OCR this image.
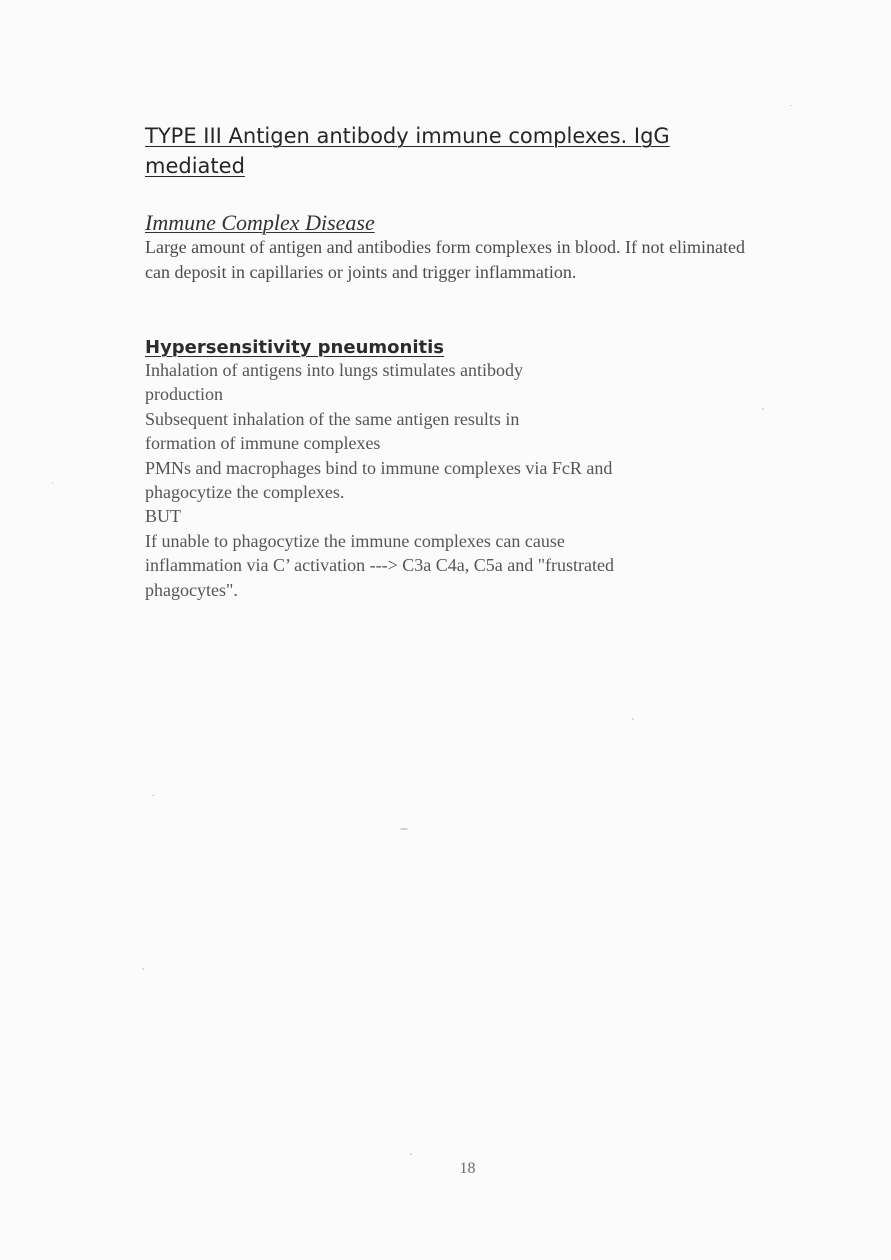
TYPE III Antigen antibody immune complexes. IgG mediated
Immune Complex Disease

Large amount of antigen and antibodies form complexes in blood. If not eliminated can deposit in capillaries or joints and trigger inflammation.

Hypersensitivity pneumonitis
Inhalation of antigens into lungs stimulates antibody
production
Subsequent inhalation of the same antigen results in
formation of immune complexes
PMNs and macrophages bind to immune complexes via FcR and
phagocytize the complexes.
BUT
If unable to phagocytize the immune complexes can cause
inflammation via C’ activation ---> C3a C4a, C5a and "frustrated
phagocytes".
18
